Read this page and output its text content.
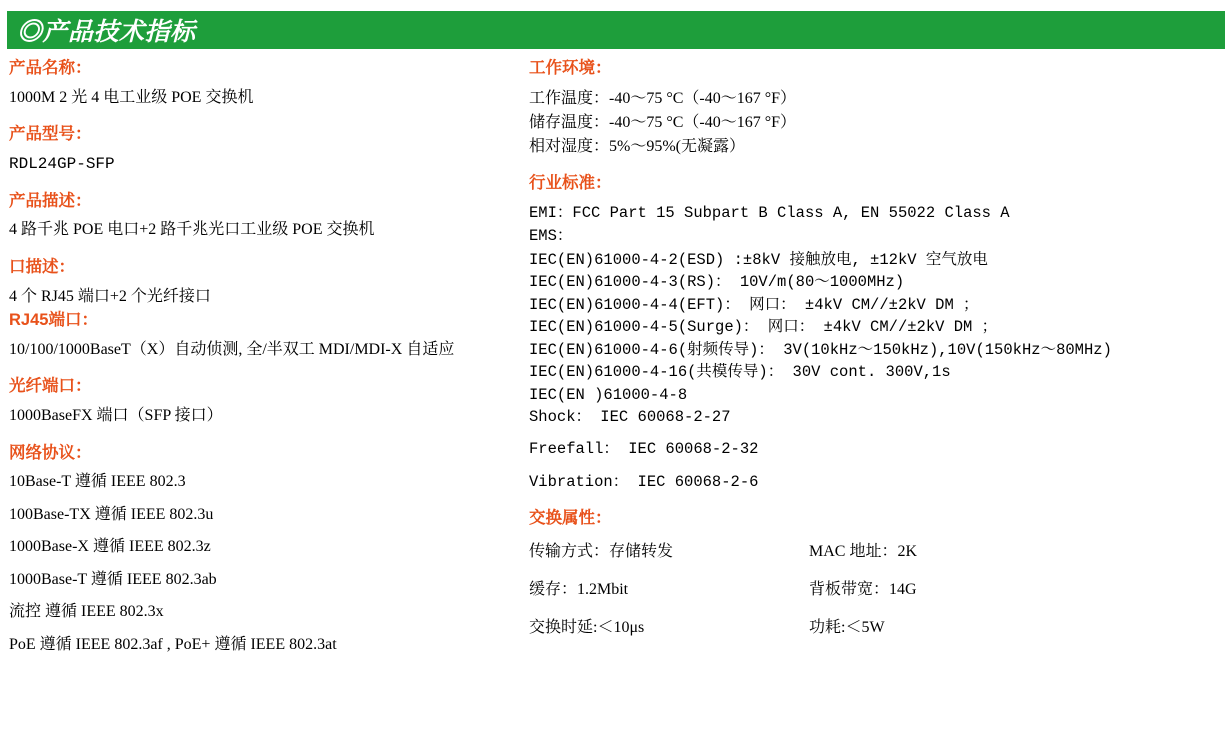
◎产品技术指标
产品名称：
1000M 2 光 4 电工业级 POE 交换机
产品型号：
RDL24GP-SFP
产品描述：
4 路千兆 POE 电口+2 路千兆光口工业级 POE 交换机
口描述：
4 个 RJ45 端口+2 个光纤接口
RJ45端口：
10/100/1000BaseT（X）自动侦测, 全/半双工 MDI/MDI-X 自适应
光纤端口：
1000BaseFX 端口（SFP 接口）
网络协议：
10Base-T 遵循 IEEE 802.3
100Base-TX 遵循 IEEE 802.3u
1000Base-X 遵循 IEEE 802.3z
1000Base-T 遵循 IEEE 802.3ab
流控 遵循 IEEE 802.3x
PoE 遵循 IEEE 802.3af , PoE+ 遵循 IEEE 802.3at
工作环境：
工作温度：-40～75 °C（-40～167 °F）
储存温度：-40～75 °C（-40～167 °F）
相对湿度：5%～95%(无凝露）
行业标准：
EMI：FCC Part 15 Subpart B Class A, EN 55022 Class A
EMS：
IEC(EN)61000-4-2(ESD) :±8kV 接触放电, ±12kV 空气放电
IEC(EN)61000-4-3(RS)： 10V/m(80～1000MHz)
IEC(EN)61000-4-4(EFT)： 网口： ±4kV CM//±2kV DM ；
IEC(EN)61000-4-5(Surge)： 网口： ±4kV CM//±2kV DM ；
IEC(EN)61000-4-6(射频传导)： 3V(10kHz～150kHz),10V(150kHz～80MHz)
IEC(EN)61000-4-16(共模传导)： 30V cont. 300V,1s
IEC(EN )61000-4-8
Shock： IEC 60068-2-27
Freefall： IEC 60068-2-32
Vibration： IEC 60068-2-6
交换属性：
传输方式：存储转发	MAC 地址：2K
缓存：1.2Mbit	背板带宽：14G
交换时延:＜10μs	功耗:＜5W
